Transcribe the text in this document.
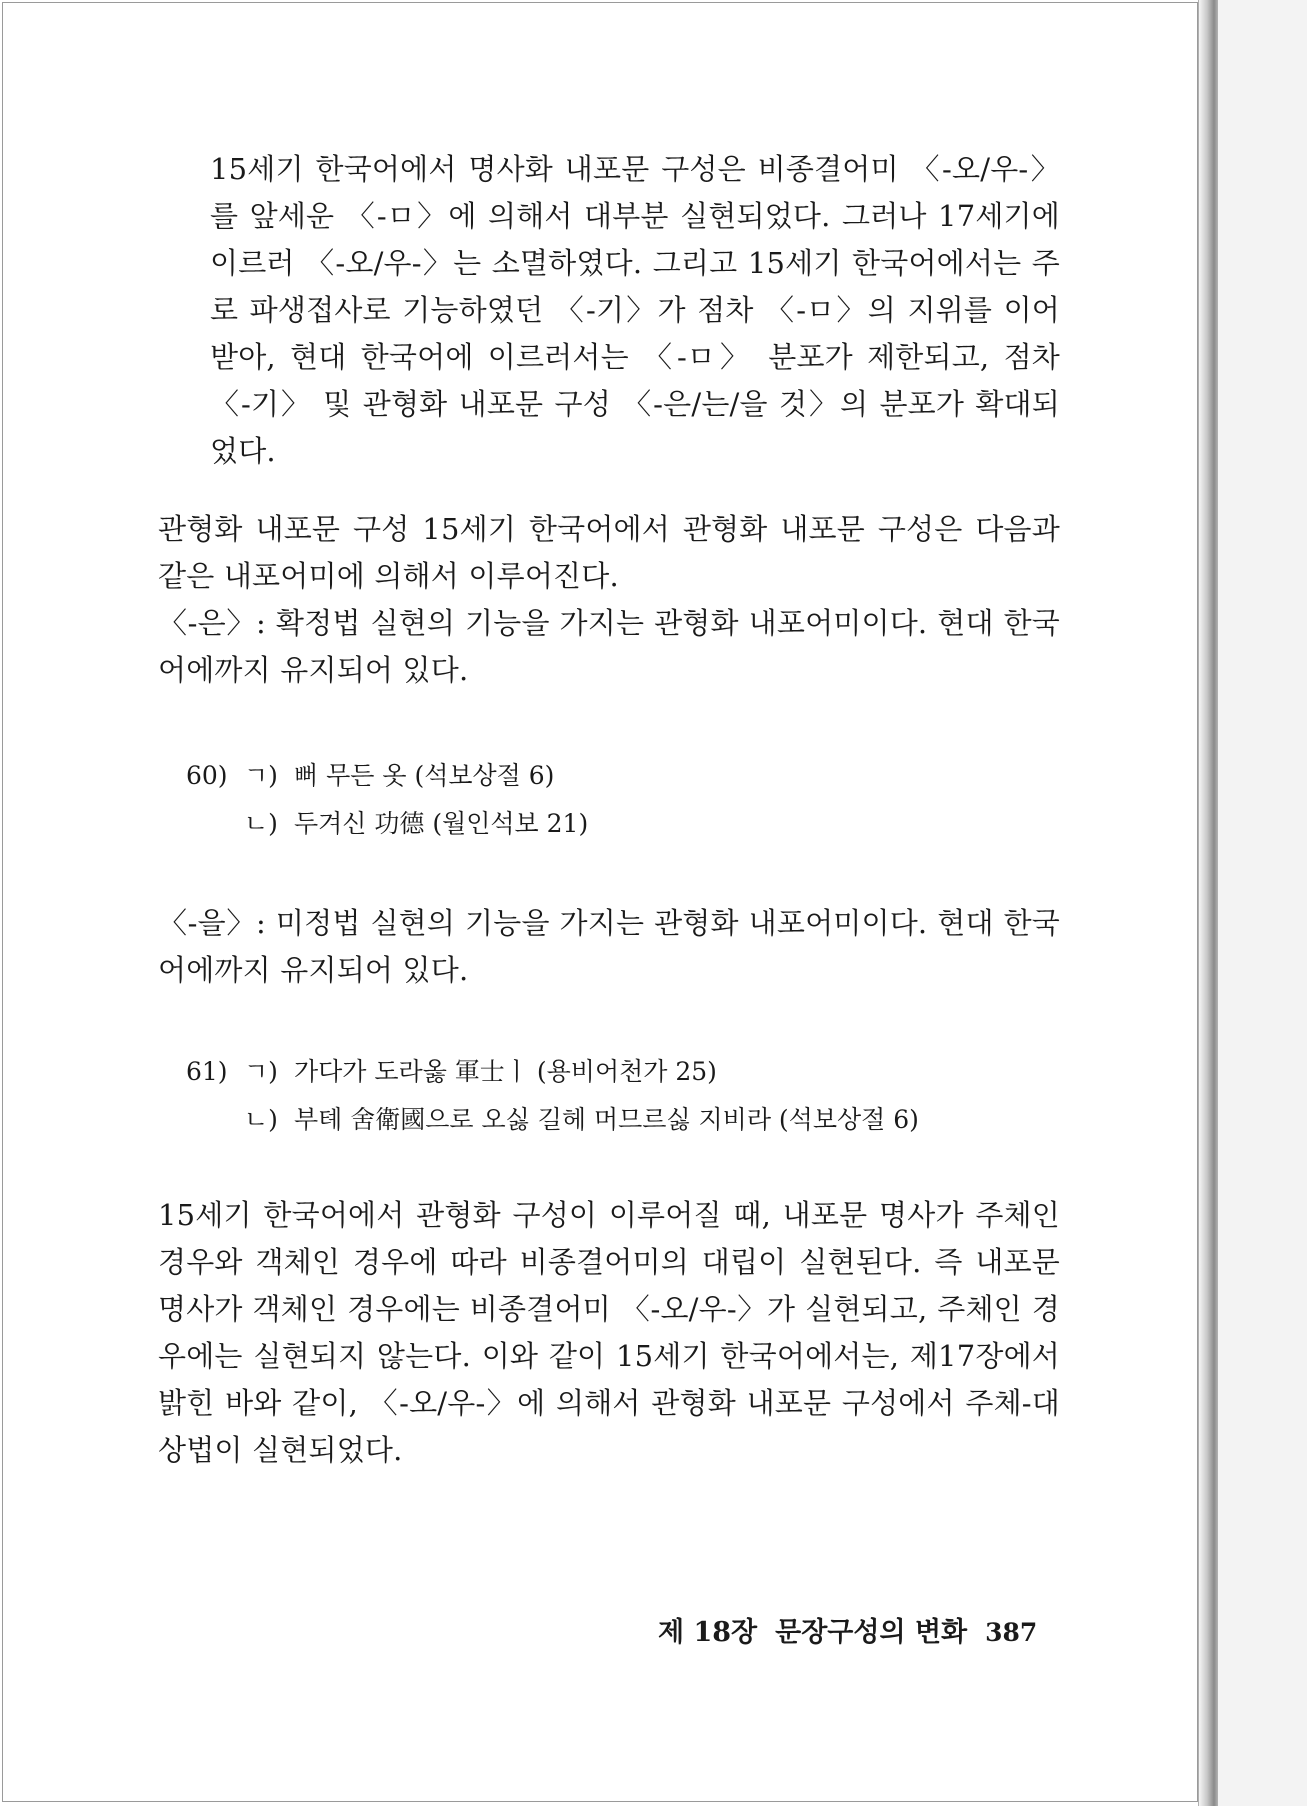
15세기 한국어에서 명사화 내포문 구성은 비종결어미 〈-오/우-〉를 앞세운 〈-ㅁ〉에 의해서 대부분 실현되었다. 그러나 17세기에 이르러 〈-오/우-〉는 소멸하였다. 그리고 15세기 한국어에서는 주로 파생접사로 기능하였던 〈-기〉가 점차 〈-ㅁ〉의 지위를 이어받아, 현대 한국어에 이르러서는 〈-ㅁ〉 분포가 제한되고, 점차 〈-기〉 및 관형화 내포문 구성 〈-은/는/을 것〉의 분포가 확대되었다.

관형화 내포문 구성 15세기 한국어에서 관형화 내포문 구성은 다음과 같은 내포어미에 의해서 이루어진다.

〈-은〉: 확정법 실현의 기능을 가지는 관형화 내포어미이다. 현대 한국어에까지 유지되어 있다.

60) ㄱ) 뻐 무든 옷 (석보상절 6)
ㄴ) 두겨신 功德 (월인석보 21)

〈-을〉: 미정법 실현의 기능을 가지는 관형화 내포어미이다. 현대 한국어에까지 유지되어 있다.

61) ㄱ) 가다가 도라옳 軍士ㅣ (용비어천가 25)
ㄴ) 부톄 舍衛國으로 오싫 길헤 머므르싫 지비라 (석보상절 6)

15세기 한국어에서 관형화 구성이 이루어질 때, 내포문 명사가 주체인 경우와 객체인 경우에 따라 비종결어미의 대립이 실현된다. 즉 내포문 명사가 객체인 경우에는 비종결어미 〈-오/우-〉가 실현되고, 주체인 경우에는 실현되지 않는다. 이와 같이 15세기 한국어에서는, 제17장에서 밝힌 바와 같이, 〈-오/우-〉에 의해서 관형화 내포문 구성에서 주체-대상법이 실현되었다.

제 18장 문장구성의 변화 387
